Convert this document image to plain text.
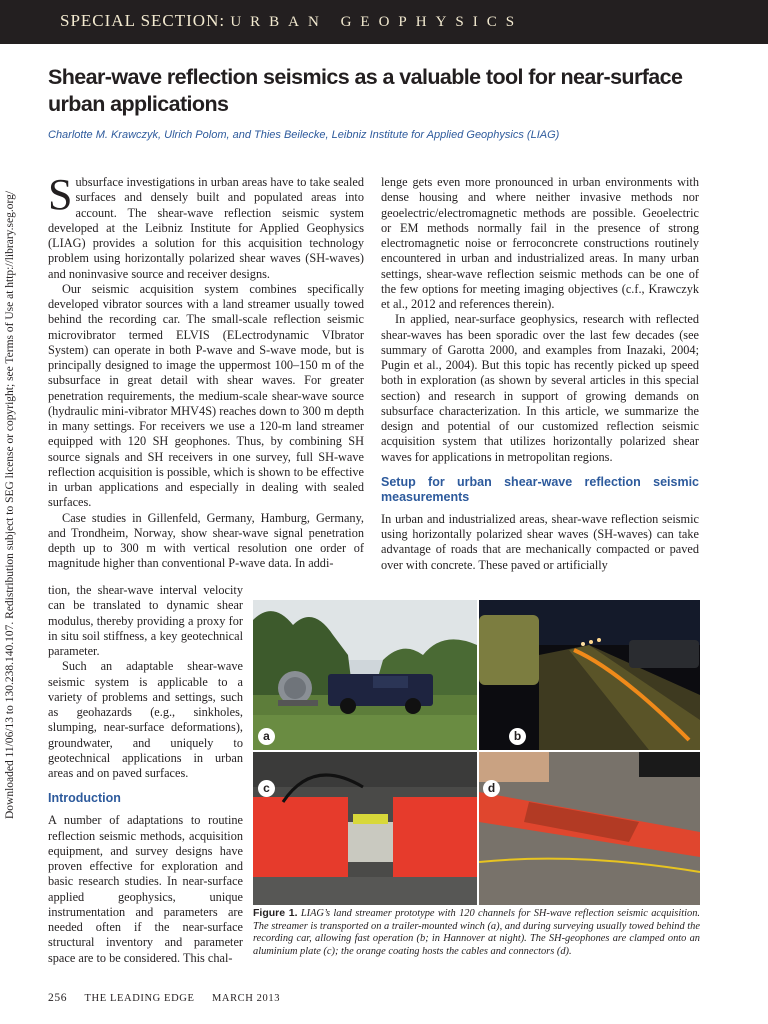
SPECIAL SECTION: URBAN GEOPHYSICS
Downloaded 11/06/13 to 130.238.140.107. Redistribution subject to SEG license or copyright; see Terms of Use at http://library.seg.org/
Shear-wave reflection seismics as a valuable tool for near-surface urban applications
Charlotte M. Krawczyk, Ulrich Polom, and Thies Beilecke, Leibniz Institute for Applied Geophysics (LIAG)

Subsurface investigations in urban areas have to take sealed surfaces and densely built and populated areas into account. The shear-wave reflection seismic system developed at the Leibniz Institute for Applied Geophysics (LIAG) provides a solution for this acquisition technology problem using horizontally polarized shear waves (SH-waves) and noninvasive source and receiver designs.

Our seismic acquisition system combines specifically developed vibrator sources with a land streamer usually towed behind the recording car. The small-scale reflection seismic microvibrator termed ELVIS (ELectrodynamic VIbrator System) can operate in both P-wave and S-wave mode, but is principally designed to image the uppermost 100–150 m of the subsurface in great detail with shear waves. For greater penetration requirements, the medium-scale shear-wave source (hydraulic mini-vibrator MHV4S) reaches down to 300 m depth in many settings. For receivers we use a 120-m land streamer equipped with 120 SH geophones. Thus, by combining SH source signals and SH receivers in one survey, full SH-wave reflection acquisition is possible, which is shown to be effective in urban applications and especially in dealing with sealed surfaces.

Case studies in Gillenfeld, Germany, Hamburg, Germany, and Trondheim, Norway, show shear-wave signal penetration depth up to 300 m with vertical resolution one order of magnitude higher than conventional P-wave data. In addi-

tion, the shear-wave interval velocity can be translated to dynamic shear modulus, thereby providing a proxy for in situ soil stiffness, a key geotechnical parameter.

Such an adaptable shear-wave seismic system is applicable to a variety of problems and settings, such as geohazards (e.g., sinkholes, slumping, near-surface deformations), groundwater, and uniquely to geotechnical applications in urban areas and on paved surfaces.

Introduction

A number of adaptations to routine reflection seismic methods, acquisition equipment, and survey designs have proven effective for exploration and basic research studies. In near-surface applied geophysics, unique instrumentation and parameters are needed often if the near-surface structural inventory and parameter space are to be considered. This chal-

lenge gets even more pronounced in urban environments with dense housing and where neither invasive methods nor geoelectric/electromagnetic methods are possible. Geoelectric or EM methods normally fail in the presence of strong electromagnetic noise or ferroconcrete constructions routinely encountered in urban and industrialized areas. In many urban settings, shear-wave reflection seismic methods can be one of the few options for meeting imaging objectives (c.f., Krawczyk et al., 2012 and references therein).

In applied, near-surface geophysics, research with reflected shear-waves has been sporadic over the last few decades (see summary of Garotta 2000, and examples from Inazaki, 2004; Pugin et al., 2004). But this topic has recently picked up speed both in exploration (as shown by several articles in this special section) and research in support of growing demands on subsurface characterization. In this article, we summarize the design and potential of our customized reflection seismic acquisition system that utilizes horizontally polarized shear waves for applications in metropolitan regions.

Setup for urban shear-wave reflection seismic measurements

In urban and industrialized areas, shear-wave reflection seismic using horizontally polarized shear waves (SH-waves) can take advantage of roads that are mechanically compacted or paved over with concrete. These paved or artificially

a	b
c	d
Figure 1. LIAG’s land streamer prototype with 120 channels for SH-wave reflection seismic acquisition. The streamer is transported on a trailer-mounted winch (a), and during surveying usually towed behind the recording car, allowing fast operation (b; in Hannover at night). The SH-geophones are clamped onto an aluminium plate (c); the orange coating hosts the cables and connectors (d).
256 THE LEADING EDGE MARCH 2013
